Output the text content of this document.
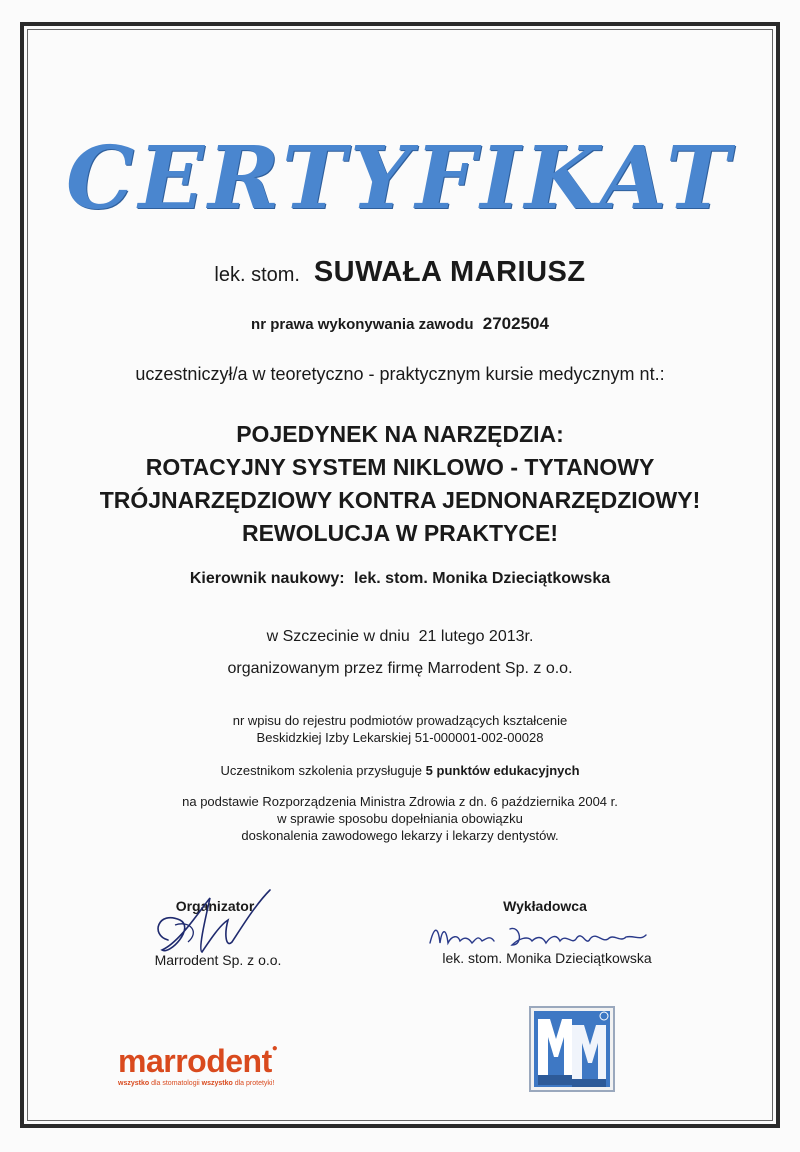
CERTYFIKAT
lek. stom. SUWAŁA MARIUSZ
nr prawa wykonywania zawodu 2702504
uczestniczył/a w teoretyczno - praktycznym kursie medycznym nt.:
POJEDYNEK NA NARZĘDZIA:
ROTACYJNY SYSTEM NIKLOWO - TYTANOWY
TRÓJNARZĘDZIOWY KONTRA JEDNONARZĘDZIOWY!
REWOLUCJA W PRAKTYCE!
Kierownik naukowy: lek. stom. Monika Dzieciątkowska
w Szczecinie w dniu  21 lutego 2013r.
organizowanym przez firmę Marrodent Sp. z o.o.
nr wpisu do rejestru podmiotów prowadzących kształcenie
Beskidzkiej Izby Lekarskiej 51-000001-002-00028
Uczestnikom szkolenia przysługuje 5 punktów edukacyjnych
na podstawie Rozporządzenia Ministra Zdrowia z dn. 6 października 2004 r.
w sprawie sposobu dopełniania obowiązku
doskonalenia zawodowego lekarzy i lekarzy dentystów.
Organizator
Marrodent Sp. z o.o.
Wykładowca
lek. stom. Monika Dzieciątkowska
marrodent●
wszystko dla stomatologii wszystko dla protetyki!
